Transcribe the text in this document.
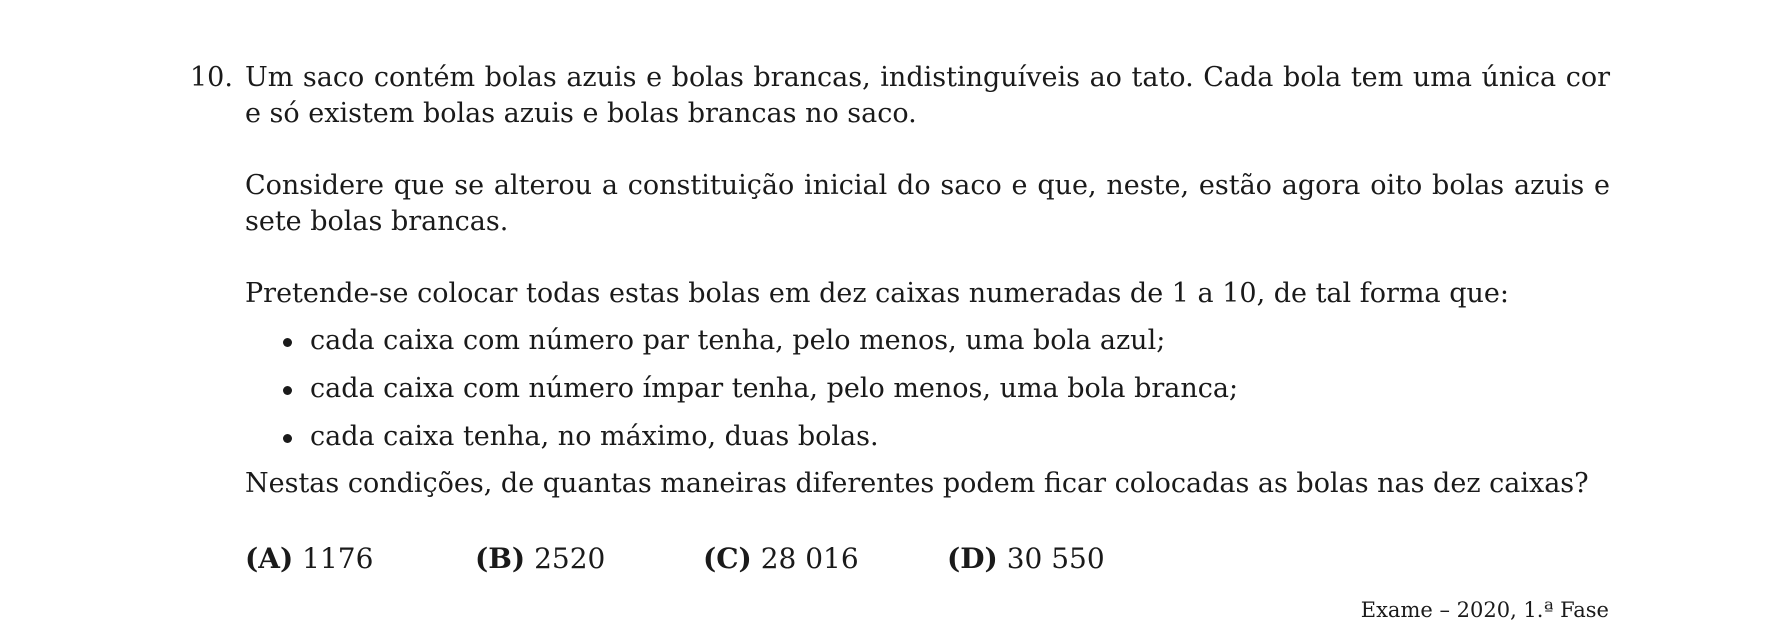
10. Um saco contém bolas azuis e bolas brancas, indistinguíveis ao tato. Cada bola tem uma única cor e só existem bolas azuis e bolas brancas no saco.

Considere que se alterou a constituição inicial do saco e que, neste, estão agora oito bolas azuis e sete bolas brancas.

Pretende-se colocar todas estas bolas em dez caixas numeradas de 1 a 10, de tal forma que:

cada caixa com número par tenha, pelo menos, uma bola azul;
cada caixa com número ímpar tenha, pelo menos, uma bola branca;
cada caixa tenha, no máximo, duas bolas.

Nestas condições, de quantas maneiras diferentes podem ficar colocadas as bolas nas dez caixas?

(A) 1176	(B) 2520	(C) 28 016	(D) 30 550
Exame – 2020, 1.ª Fase
